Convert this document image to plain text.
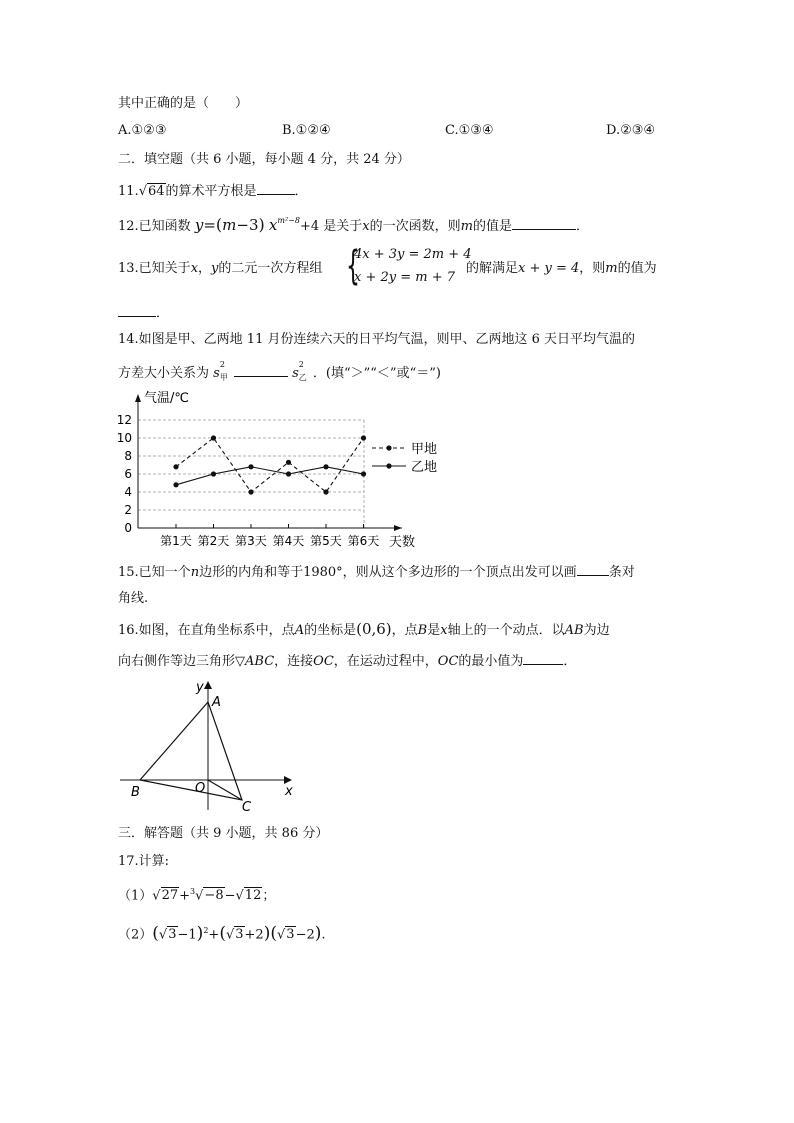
其中正确的是（　　）
A.①②③	B.①②④	C.①③④	D.②③④
二．填空题（共 6 小题，每小题 4 分，共 24 分）
11.√64的算术平方根是	．
12.已知函数 y=(m−3) $x^{m^2-8}+4$ 是关于x的一次函数，则m的值是	．
13.已知关于x，y的二元一次方程组 {
4x + 3y = 2m + 4
x + 2y = m + 7
的解满足x + y = 4，则m的值为
．
14.如图是甲、乙两地 11 月份连续六天的日平均气温，则甲、乙两地这 6 天日平均气温的
方差大小关系为 s
2
甲	s
2
乙 ．(填“＞”“＜”或“＝”)
0
2
4
6
8
10
12
第1天 第2天 第3天 第4天 第5天 第6天
甲地
乙地
气温/℃
天数
15.已知一个n边形的内角和等于1980°，则从这个多边形的一个顶点出发可以画 条对
角线.
16.如图，在直角坐标系中，点A的坐标是(0,6)，点B是x轴上的一个动点．以AB为边
向右侧作等边三角形▽ABC，连接OC，在运动过程中，OC的最小值为	．
y
A
x
B	O
C
三．解答题（共 9 小题，共 86 分）
17.计算:
（1）√27+$^3$√−8−√12；
$(2)(√3-1)^2+(√3+2)(√3-2)$.
